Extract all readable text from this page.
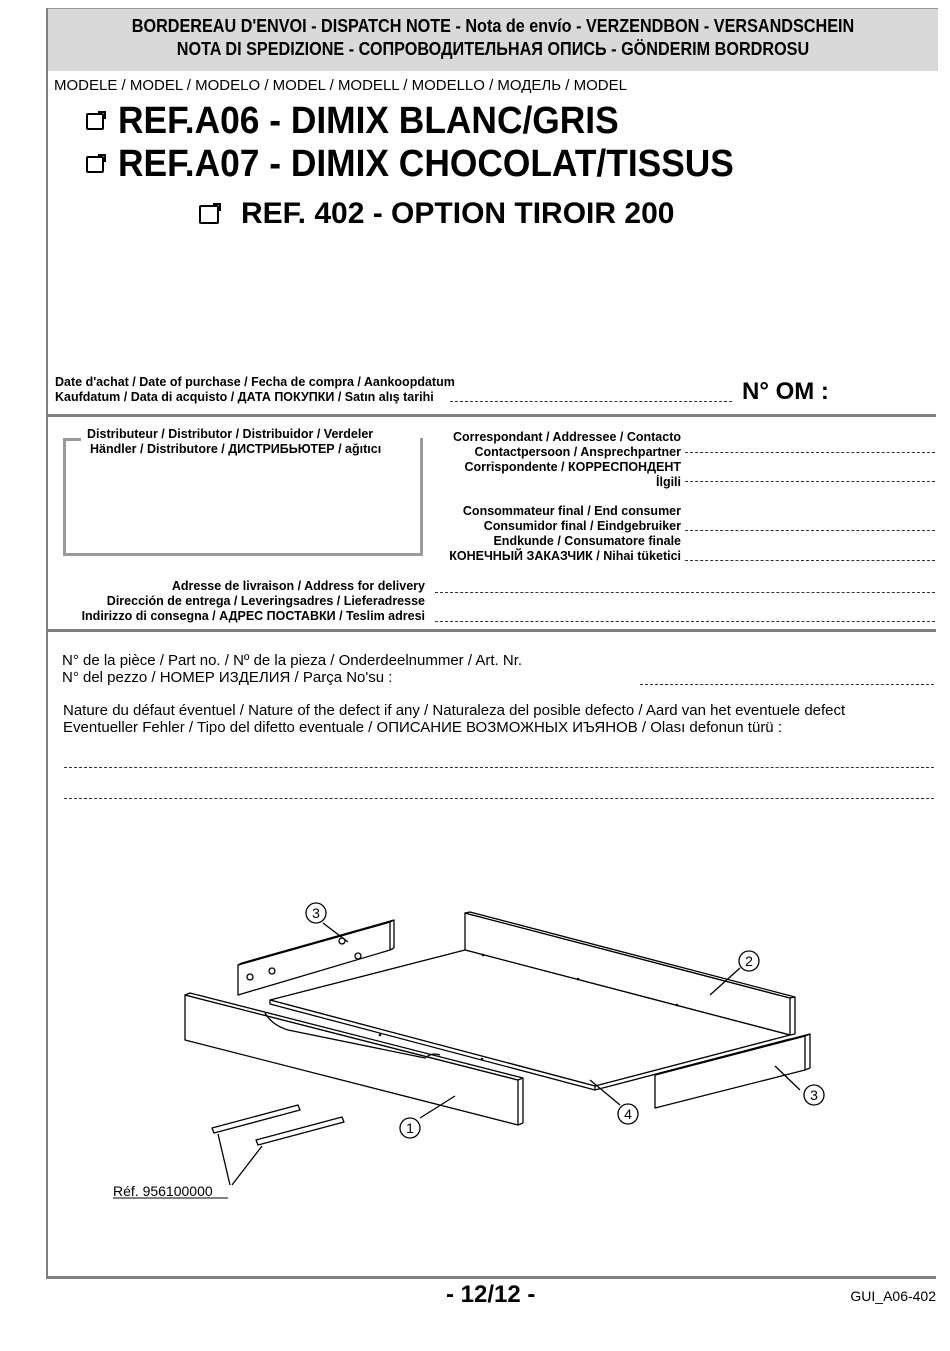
BORDEREAU D'ENVOI - DISPATCH NOTE - Nota de envío - VERZENDBON - VERSANDSCHEIN
NOTA DI SPEDIZIONE - СОПРОВОДИТЕЛЬНАЯ ОПИСЬ - GÖNDERIM BORDROSU
MODELE / MODEL / MODELO / MODEL / MODELL / MODELLO / МОДЕЛЬ / MODEL
REF.A06 - DIMIX BLANC/GRIS
REF.A07 - DIMIX CHOCOLAT/TISSUS
REF. 402 - OPTION TIROIR 200
Date d'achat / Date of purchase / Fecha de compra / Aankoopdatum
Kaufdatum / Data di acquisto / ДАТА ПОКУПКИ / Satın alış tarihi	N° OM :
Distributeur / Distributor / Distribuidor / Verdeler
Händler / Distributore / ДИСТРИБЬЮТЕР / ağıtıcı
Correspondant / Addressee / Contacto
Contactpersoon / Ansprechpartner
Corrispondente / КОРРЕСПОНДЕНТ
İlgili
Consommateur final / End consumer
Consumidor final / Eindgebruiker
Endkunde / Consumatore finale
КОНЕЧНЫЙ ЗАКАЗЧИК / Nihai tüketici
Adresse de livraison / Address for delivery
Dirección de entrega / Leveringsadres / Lieferadresse
Indirizzo di consegna / АДРЕС ПОСТАВКИ / Teslim adresi
N° de la pièce / Part no. / Nº de la pieza / Onderdeelnummer / Art. Nr.
N° del pezzo / НОМЕР ИЗДЕЛИЯ / Parça No'su :
Nature du défaut éventuel / Nature of the defect if any / Naturaleza del posible defecto / Aard van het eventuele defect
Eventueller Fehler / Tipo del difetto eventuale / ОПИСАНИЕ ВОЗМОЖНЫХ ИЪЯНОВ / Olası defonun türü :
3
2
3
4
1
Réf. 956100000
- 12/12 -	GUI_A06-402
